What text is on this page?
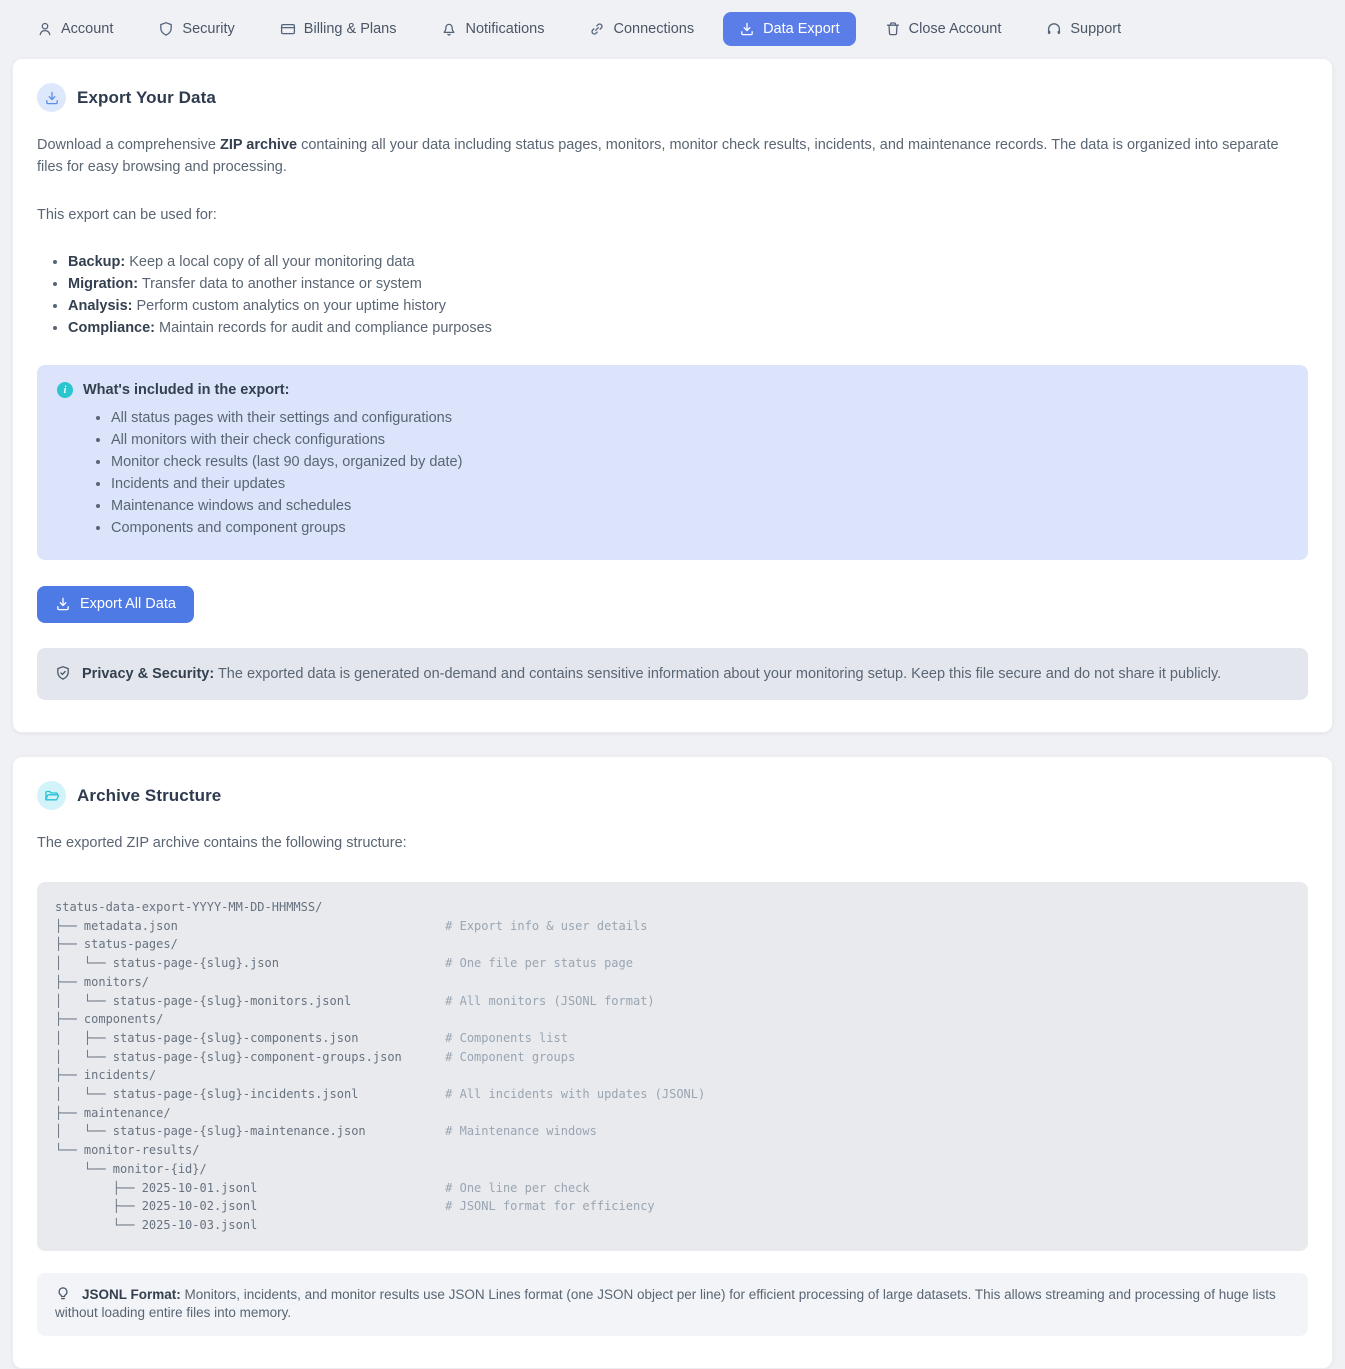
Account	Security	Billing & Plans	Notifications	Connections	Data Export	Close Account	Support
Export Your Data

Download a comprehensive ZIP archive containing all your data including status pages, monitors, monitor check results, incidents, and maintenance records. The data is organized into separate files for easy browsing and processing.

This export can be used for:

• Backup: Keep a local copy of all your monitoring data
• Migration: Transfer data to another instance or system
• Analysis: Perform custom analytics on your uptime history
• Compliance: Maintain records for audit and compliance purposes
i	What's included in the export:
• All status pages with their settings and configurations
• All monitors with their check configurations
• Monitor check results (last 90 days, organized by date)
• Incidents and their updates
• Maintenance windows and schedules
• Components and component groups
Export All Data
Privacy & Security: The exported data is generated on-demand and contains sensitive information about your monitoring setup. Keep this file secure and do not share it publicly.
Archive Structure

The exported ZIP archive contains the following structure:

status-data-export-YYYY-MM-DD-HHMMSS/
├── metadata.json                                     # Export info & user details
├── status-pages/
│   └── status-page-{slug}.json                       # One file per status page
├── monitors/
│   └── status-page-{slug}-monitors.jsonl             # All monitors (JSONL format)
├── components/
│   ├── status-page-{slug}-components.json            # Components list
│   └── status-page-{slug}-component-groups.json      # Component groups
├── incidents/
│   └── status-page-{slug}-incidents.jsonl            # All incidents with updates (JSONL)
├── maintenance/
│   └── status-page-{slug}-maintenance.json           # Maintenance windows
└── monitor-results/
└── monitor-{id}/
├── 2025-10-01.jsonl                          # One line per check
├── 2025-10-02.jsonl                          # JSONL format for efficiency
└── 2025-10-03.jsonl
JSONL Format: Monitors, incidents, and monitor results use JSON Lines format (one JSON object per line) for efficient processing of large datasets. This allows streaming and processing of huge lists without loading entire files into memory.
